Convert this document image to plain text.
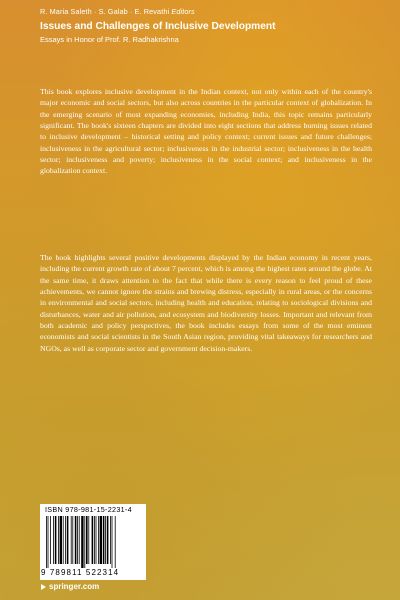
R. Maria Saleth · S. Galab · E. Revathi Editors
Issues and Challenges of Inclusive Development
Essays in Honor of Prof. R. Radhakrishna

This book explores inclusive development in the Indian context, not only within each of the country's major economic and social sectors, but also across countries in the particular context of globalization. In the emerging scenario of most expanding economies, including India, this topic remains particularly significant. The book's sixteen chapters are divided into eight sections that address burning issues related to inclusive development – historical setting and policy context; current issues and future challenges; inclusiveness in the agricultural sector; inclusiveness in the industrial sector; inclusiveness in the health sector; inclusiveness and poverty; inclusiveness in the social context; and inclusiveness in the globalization context.

The book highlights several positive developments displayed by the Indian economy in recent years, including the current growth rate of about 7 percent, which is among the highest rates around the globe. At the same time, it draws attention to the fact that while there is every reason to feel proud of these achievements, we cannot ignore the strains and brewing distress, especially in rural areas, or the concerns in environmental and social sectors, including health and education, relating to sociological divisions and disturbances, water and air pollution, and ecosystem and biodiversity losses. Important and relevant from both academic and policy perspectives, the book includes essays from some of the most eminent economists and social scientists in the South Asian region, providing vital takeaways for researchers and NGOs, as well as corporate sector and government decision-makers.

ISBN 978-981-15-2231-4
9 789811 522314
springer.com
